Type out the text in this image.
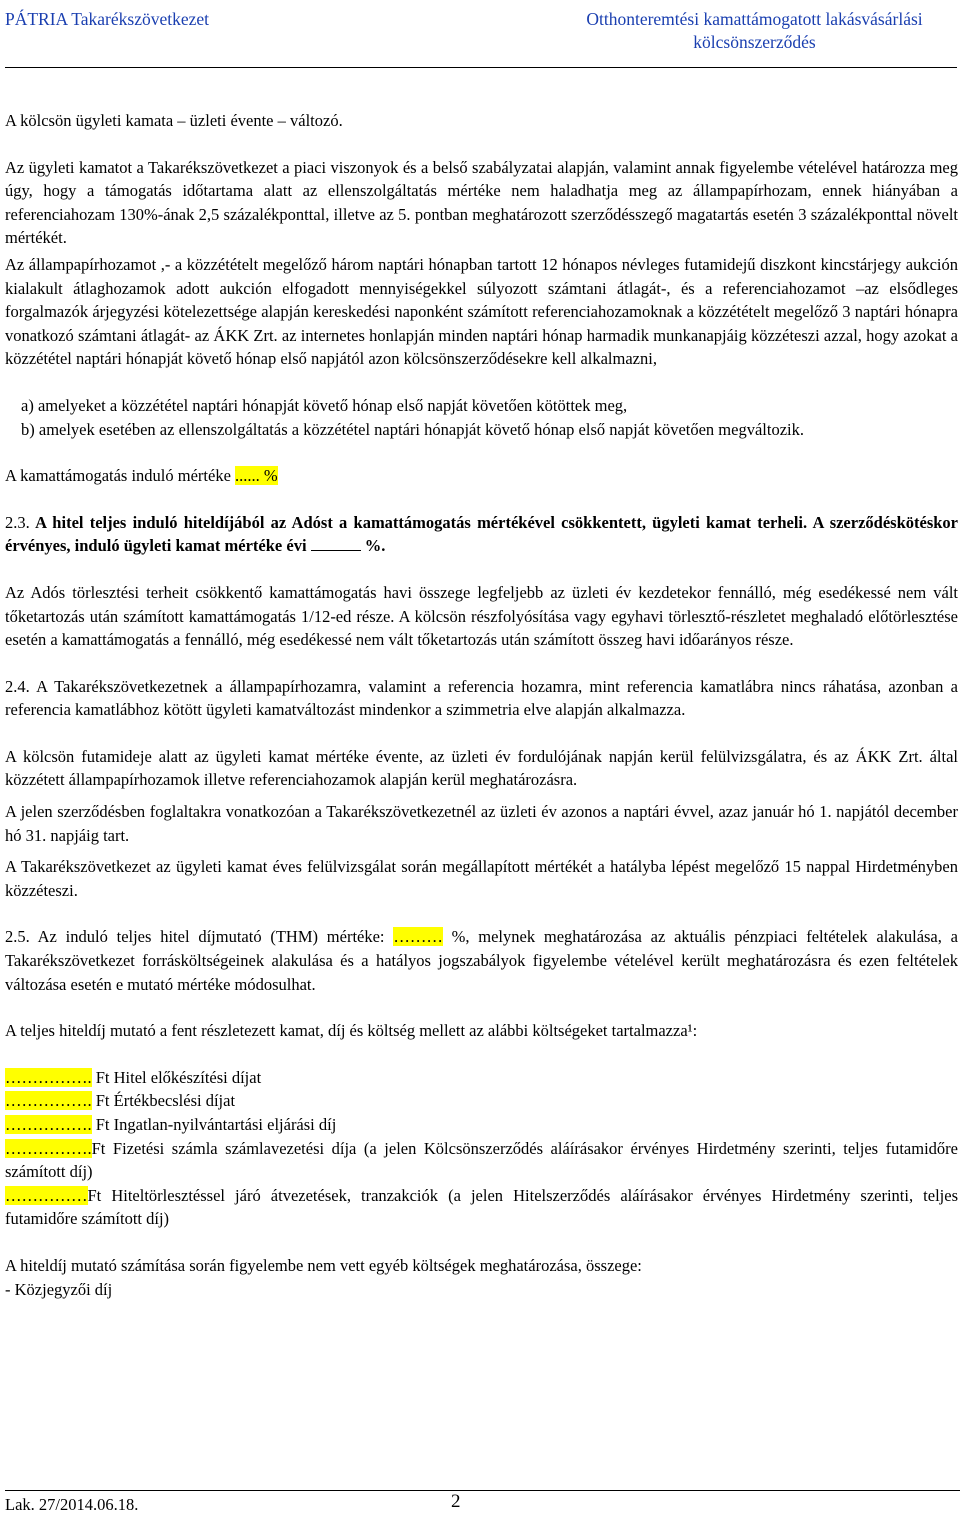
PÁTRIA Takarékszövetkezet	Otthonteremtési kamattámogatott lakásvásárlási
kölcsönszerződés

A kölcsön ügyleti kamata – üzleti évente – változó.

Az ügyleti kamatot a Takarékszövetkezet a piaci viszonyok és a belső szabályzatai alapján, valamint annak figyelembe vételével határozza meg úgy, hogy a támogatás időtartama alatt az ellenszolgáltatás mértéke nem haladhatja meg az állampapírhozam, ennek hiányában a referenciahozam 130%-ának 2,5 százalékponttal, illetve az 5. pontban meghatározott szerződésszegő magatartás esetén 3 százalékponttal növelt mértékét.

Az állampapírhozamot ,- a közzétételt megelőző három naptári hónapban tartott 12 hónapos névleges futamidejű diszkont kincstárjegy aukción kialakult átlaghozamok adott aukción elfogadott mennyiségekkel súlyozott számtani átlagát-, és a referenciahozamot –az elsődleges forgalmazók árjegyzési kötelezettsége alapján kereskedési naponként számított referenciahozamoknak a közzétételt megelőző 3 naptári hónapra vonatkozó számtani átlagát- az ÁKK Zrt. az internetes honlapján minden naptári hónap harmadik munkanapjáig közzéteszi azzal, hogy azokat a közzététel naptári hónapját követő hónap első napjától azon kölcsönszerződésekre kell alkalmazni,

a) amelyeket a közzététel naptári hónapját követő hónap első napját követően kötöttek meg,

b) amelyek esetében az ellenszolgáltatás a közzététel naptári hónapját követő hónap első napját követően megváltozik.

A kamattámogatás induló mértéke ...... %

2.3. A hitel teljes induló hiteldíjából az Adóst a kamattámogatás mértékével csökkentett, ügyleti kamat terheli. A szerződéskötéskor érvényes, induló ügyleti kamat mértéke évi	%.

Az Adós törlesztési terheit csökkentő kamattámogatás havi összege legfeljebb az üzleti év kezdetekor fennálló, még esedékessé nem vált tőketartozás után számított kamattámogatás 1/12-ed része. A kölcsön részfolyósítása vagy egyhavi törlesztő-részletet meghaladó előtörlesztése esetén a kamattámogatás a fennálló, még esedékessé nem vált tőketartozás után számított összeg havi időarányos része.

2.4. A Takarékszövetkezetnek a állampapírhozamra, valamint a referencia hozamra, mint referencia kamatlábra nincs ráhatása, azonban a referencia kamatlábhoz kötött ügyleti kamatváltozást mindenkor a szimmetria elve alapján alkalmazza.

A kölcsön futamideje alatt az ügyleti kamat mértéke évente, az üzleti év fordulójának napján kerül felülvizsgálatra, és az ÁKK Zrt. által közzétett állampapírhozamok illetve referenciahozamok alapján kerül meghatározásra.

A jelen szerződésben foglaltakra vonatkozóan a Takarékszövetkezetnél az üzleti év azonos a naptári évvel, azaz január hó 1. napjától december hó 31. napjáig tart.

A Takarékszövetkezet az ügyleti kamat éves felülvizsgálat során megállapított mértékét a hatályba lépést megelőző 15 nappal Hirdetményben közzéteszi.

2.5. Az induló teljes hitel díjmutató (THM) mértéke: ……… %, melynek meghatározása az aktuális pénzpiaci feltételek alakulása, a Takarékszövetkezet forrásköltségeinek alakulása és a hatályos jogszabályok figyelembe vételével került meghatározásra és ezen feltételek változása esetén e mutató mértéke módosulhat.

A teljes hiteldíj mutató a fent részletezett kamat, díj és költség mellett az alábbi költségeket tartalmazza¹:

……………. Ft Hitel előkészítési díjat

……………. Ft Értékbecslési díjat

……………. Ft Ingatlan-nyilvántartási eljárási díj

…………….Ft Fizetési számla számlavezetési díja (a jelen Kölcsönszerződés aláírásakor érvényes Hirdetmény szerinti, teljes futamidőre számított díj)

……………Ft Hiteltörlesztéssel járó átvezetések, tranzakciók (a jelen Hitelszerződés aláírásakor érvényes Hirdetmény szerinti, teljes futamidőre számított díj)

A hiteldíj mutató számítása során figyelembe nem vett egyéb költségek meghatározása, összege:

- Közjegyzői díj

Lak. 27/2014.06.18.	2
